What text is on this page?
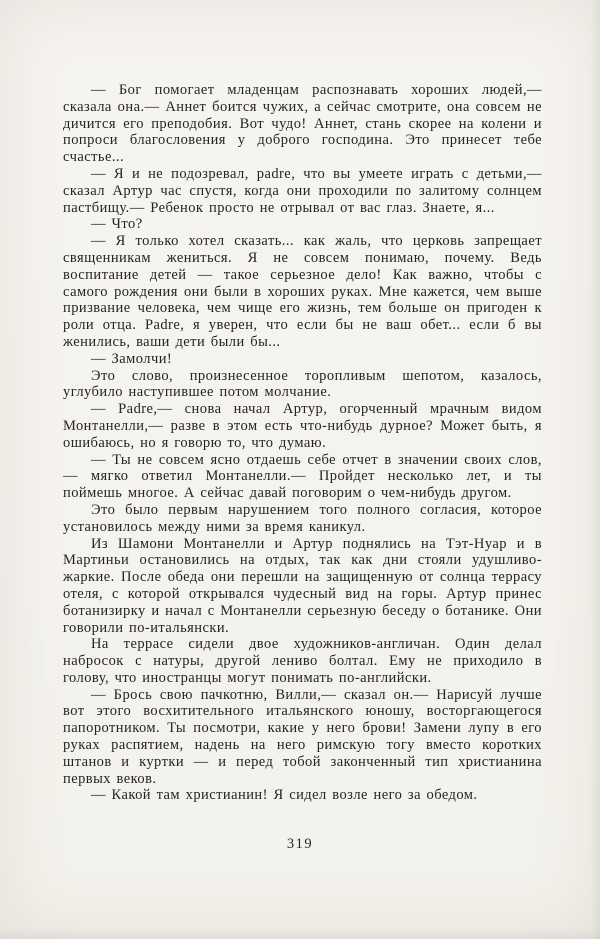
— Бог помогает младенцам распознавать хороших людей,— сказала она.— Аннет боится чужих, а сейчас смотрите, она совсем не дичится его преподобия. Вот чудо! Аннет, стань скорее на колени и попроси благословения у доброго господина. Это принесет тебе счастье...

— Я и не подозревал, padre, что вы умеете играть с детьми,— сказал Артур час спустя, когда они проходили по залитому солнцем пастбищу.— Ребенок просто не отрывал от вас глаз. Знаете, я...

— Что?

— Я только хотел сказать... как жаль, что церковь запрещает священникам жениться. Я не совсем понимаю, почему. Ведь воспитание детей — такое серьезное дело! Как важно, чтобы с самого рождения они были в хороших руках. Мне кажется, чем выше призвание человека, чем чище его жизнь, тем больше он пригоден к роли отца. Padre, я уверен, что если бы не ваш обет... если б вы женились, ваши дети были бы...

— Замолчи!

Это слово, произнесенное торопливым шепотом, казалось, углубило наступившее потом молчание.

— Padre,— снова начал Артур, огорченный мрачным видом Монтанелли,— разве в этом есть что-нибудь дурное? Может быть, я ошибаюсь, но я говорю то, что думаю.

— Ты не совсем ясно отдаешь себе отчет в значении своих слов,— мягко ответил Монтанелли.— Пройдет несколько лет, и ты поймешь многое. А сейчас давай поговорим о чем-нибудь другом.

Это было первым нарушением того полного согласия, которое установилось между ними за время каникул.

Из Шамони Монтанелли и Артур поднялись на Тэт-Нуар и в Мартиньи остановились на отдых, так как дни стояли удушливо-жаркие. После обеда они перешли на защищенную от солнца террасу отеля, с которой открывался чудесный вид на горы. Артур принес ботанизирку и начал с Монтанелли серьезную беседу о ботанике. Они говорили по-итальянски.

На террасе сидели двое художников-англичан. Один делал набросок с натуры, другой лениво болтал. Ему не приходило в голову, что иностранцы могут понимать по-английски.

— Брось свою пачкотню, Вилли,— сказал он.— Нарисуй лучше вот этого восхитительного итальянского юношу, восторгающегося папоротником. Ты посмотри, какие у него брови! Замени лупу в его руках распятием, надень на него римскую тогу вместо коротких штанов и куртки — и перед тобой законченный тип христианина первых веков.

— Какой там христианин! Я сидел возле него за обедом.

319
